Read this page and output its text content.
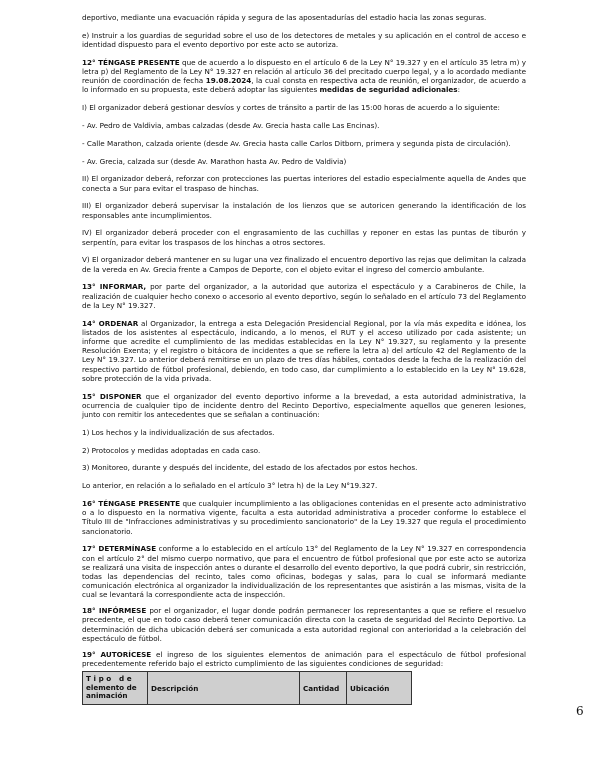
deportivo, mediante una evacuación rápida y segura de las aposentadurías del estadio hacia las zonas seguras.

e) Instruir a los guardias de seguridad sobre el uso de los detectores de metales y su aplicación en el control de acceso e identidad dispuesto para el evento deportivo por este acto se autoriza.

12° TÉNGASE PRESENTE que de acuerdo a lo dispuesto en el artículo 6 de la Ley N° 19.327 y en el artículo 35 letra m) y letra p) del Reglamento de la Ley N° 19.327 en relación al artículo 36 del precitado cuerpo legal, y a lo acordado mediante reunión de coordinación de fecha 19.08.2024, la cual consta en respectiva acta de reunión, el organizador, de acuerdo a lo informado en su propuesta, este deberá adoptar las siguientes medidas de seguridad adicionales:

I) El organizador deberá gestionar desvíos y cortes de tránsito a partir de las 15:00 horas de acuerdo a lo siguiente:

- Av. Pedro de Valdivia, ambas calzadas (desde Av. Grecia hasta calle Las Encinas).

- Calle Marathon, calzada oriente (desde Av. Grecia hasta calle Carlos Ditborn, primera y segunda pista de circulación).

- Av. Grecia, calzada sur (desde Av. Marathon hasta Av. Pedro de Valdivia)

II) El organizador deberá, reforzar con protecciones las puertas interiores del estadio especialmente aquella de Andes que conecta a Sur para evitar el traspaso de hinchas.

III) El organizador deberá supervisar la instalación de los lienzos que se autoricen generando la identificación de los responsables ante incumplimientos.

IV) El organizador deberá proceder con el engrasamiento de las cuchillas y reponer en estas las puntas de tiburón y serpentín, para evitar los traspasos de los hinchas a otros sectores.

V) El organizador deberá mantener en su lugar una vez finalizado el encuentro deportivo las rejas que delimitan la calzada de la vereda en Av. Grecia frente a Campos de Deporte, con el objeto evitar el ingreso del comercio ambulante.

13° INFORMAR, por parte del organizador, a la autoridad que autoriza el espectáculo y a Carabineros de Chile, la realización de cualquier hecho conexo o accesorio al evento deportivo, según lo señalado en el artículo 73 del Reglamento de la Ley N° 19.327.

14° ORDENAR al Organizador, la entrega a esta Delegación Presidencial Regional, por la vía más expedita e idónea, los listados de los asistentes al espectáculo, indicando, a lo menos, el RUT y el acceso utilizado por cada asistente; un informe que acredite el cumplimiento de las medidas establecidas en la Ley N° 19.327, su reglamento y la presente Resolución Exenta; y el registro o bitácora de incidentes a que se refiere la letra a) del artículo 42 del Reglamento de la Ley N° 19.327. Lo anterior deberá remitirse en un plazo de tres días hábiles, contados desde la fecha de la realización del respectivo partido de fútbol profesional, debiendo, en todo caso, dar cumplimiento a lo establecido en la Ley N° 19.628, sobre protección de la vida privada.

15° DISPONER que el organizador del evento deportivo informe a la brevedad, a esta autoridad administrativa, la ocurrencia de cualquier tipo de incidente dentro del Recinto Deportivo, especialmente aquellos que generen lesiones, junto con remitir los antecedentes que se señalan a continuación:

1) Los hechos y la individualización de sus afectados.

2) Protocolos y medidas adoptadas en cada caso.

3) Monitoreo, durante y después del incidente, del estado de los afectados por estos hechos.

Lo anterior, en relación a lo señalado en el artículo 3° letra h) de la Ley N°19.327.

16° TÉNGASE PRESENTE que cualquier incumplimiento a las obligaciones contenidas en el presente acto administrativo o a lo dispuesto en la normativa vigente, faculta a esta autoridad administrativa a proceder conforme lo establece el Título III de "Infracciones administrativas y su procedimiento sancionatorio" de la Ley 19.327 que regula el procedimiento sancionatorio.

17° DETERMÍNASE conforme a lo establecido en el artículo 13° del Reglamento de la Ley N° 19.327 en correspondencia con el artículo 2° del mismo cuerpo normativo, que para el encuentro de fútbol profesional que por este acto se autoriza se realizará una visita de inspección antes o durante el desarrollo del evento deportivo, la que podrá cubrir, sin restricción, todas las dependencias del recinto, tales como oficinas, bodegas y salas, para lo cual se informará mediante comunicación electrónica al organizador la individualización de los representantes que asistirán a las mismas, visita de la cual se levantará la correspondiente acta de inspección.

18° INFÓRMESE por el organizador, el lugar donde podrán permanecer los representantes a que se refiere el resuelvo precedente, el que en todo caso deberá tener comunicación directa con la caseta de seguridad del Recinto Deportivo. La determinación de dicha ubicación deberá ser comunicada a esta autoridad regional con anterioridad a la celebración del espectáculo de fútbol.

19° AUTORÍCESE el ingreso de los siguientes elementos de animación para el espectáculo de fútbol profesional precedentemente referido bajo el estricto cumplimiento de las siguientes condiciones de seguridad:

Tipo de
elemento de
animación
	Descripción	Cantidad	Ubicación
6
